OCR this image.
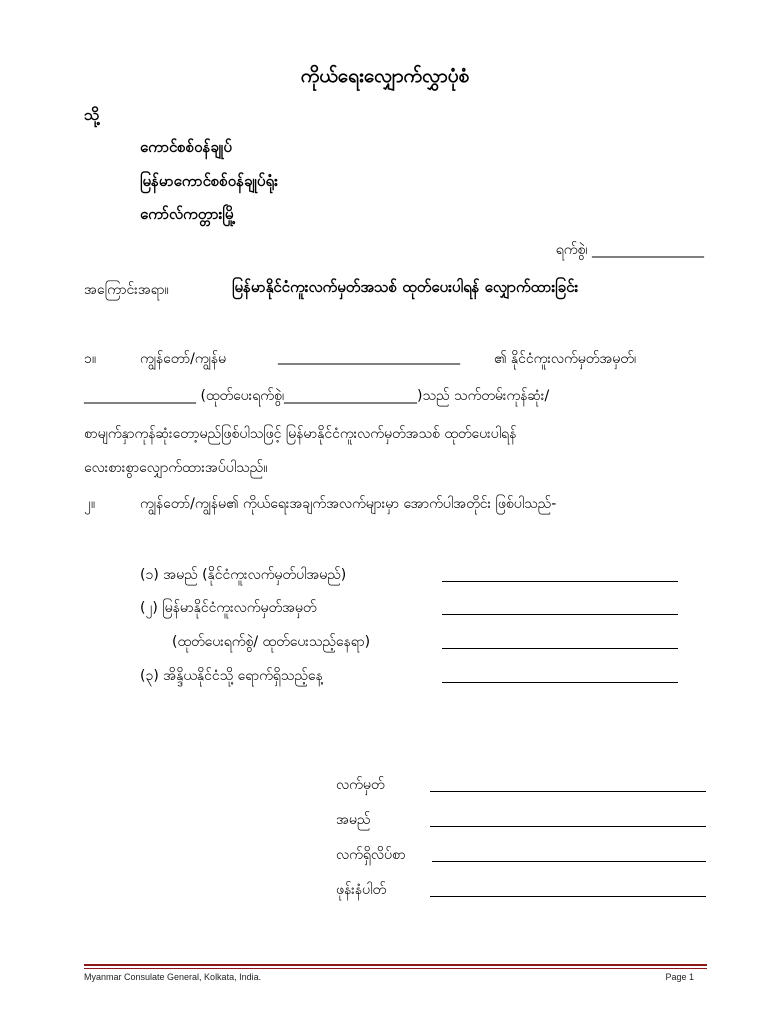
ကိုယ်ရေးလျှောက်လွှာပုံစံ
သို့
ကောင်စစ်ဝန်ချုပ်
မြန်မာကောင်စစ်ဝန်ချုပ်ရုံး
ကော်လ်ကတ္တားမြို့
ရက်စွဲ၊ ________________
အကြောင်းအရာ။	မြန်မာနိုင်ငံကူးလက်မှတ်အသစ် ထုတ်ပေးပါရန် လျှောက်ထားခြင်း
၁။	ကျွန်တော်/ကျွန်မ	__________________________ ၏ နိုင်ငံကူးလက်မှတ်အမှတ်၊
________________ (ထုတ်ပေးရက်စွဲ၊___________________)သည် သက်တမ်းကုန်ဆုံး/
စာမျက်နှာကုန်ဆုံးတော့မည်ဖြစ်ပါသဖြင့် မြန်မာနိုင်ငံကူးလက်မှတ်အသစ် ထုတ်ပေးပါရန်
လေးစားစွာလျှောက်ထားအပ်ပါသည်။
၂။	ကျွန်တော်/ကျွန်မ၏ ကိုယ်ရေးအချက်အလက်များမှာ အောက်ပါအတိုင်း ဖြစ်ပါသည်-
(၁) အမည် (နိုင်ငံကူးလက်မှတ်ပါအမည်)
(၂) မြန်မာနိုင်ငံကူးလက်မှတ်အမှတ်
(ထုတ်ပေးရက်စွဲ/ ထုတ်ပေးသည့်နေရာ)
(၃) အိန္ဒိယနိုင်ငံသို့ ရောက်ရှိသည့်နေ့
လက်မှတ်
အမည်
လက်ရှိလိပ်စာ
ဖုန်းနံပါတ်
Myanmar Consulate General, Kolkata, India.	Page 1
